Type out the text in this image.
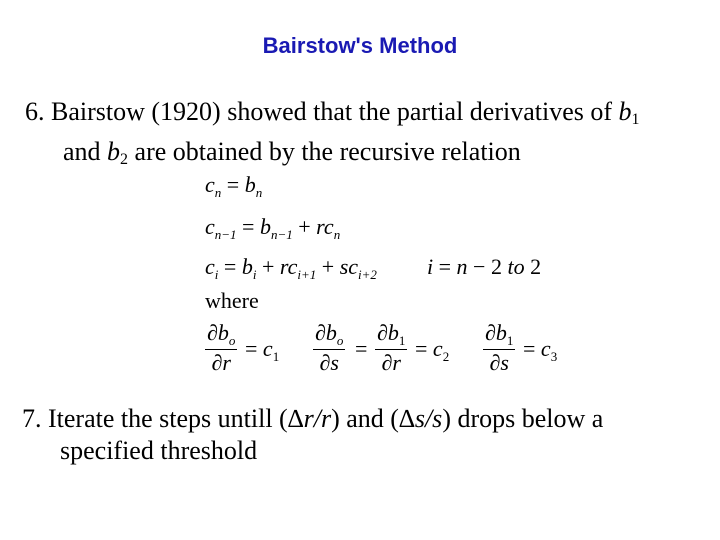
Bairstow's Method
6. Bairstow (1920) showed that the partial derivatives of $b_1$
and $b_2$ are obtained by the recursive relation
$c_n = b_n$
$c_{n-1} = b_{n-1} + rc_n$
$c_i = b_i + rc_{i+1} + sc_{i+2}$ i = n − 2 to 2
where
$\frac{\partial b_o}{\partial r} = c_1 \frac{\partial b_o}{\partial s} = \frac{\partial b_1}{\partial r} = c_2 \frac{\partial b_1}{\partial s} = c_3$
7. Iterate the steps untill (∆r/r) and (∆s/s) drops below a
specified threshold
